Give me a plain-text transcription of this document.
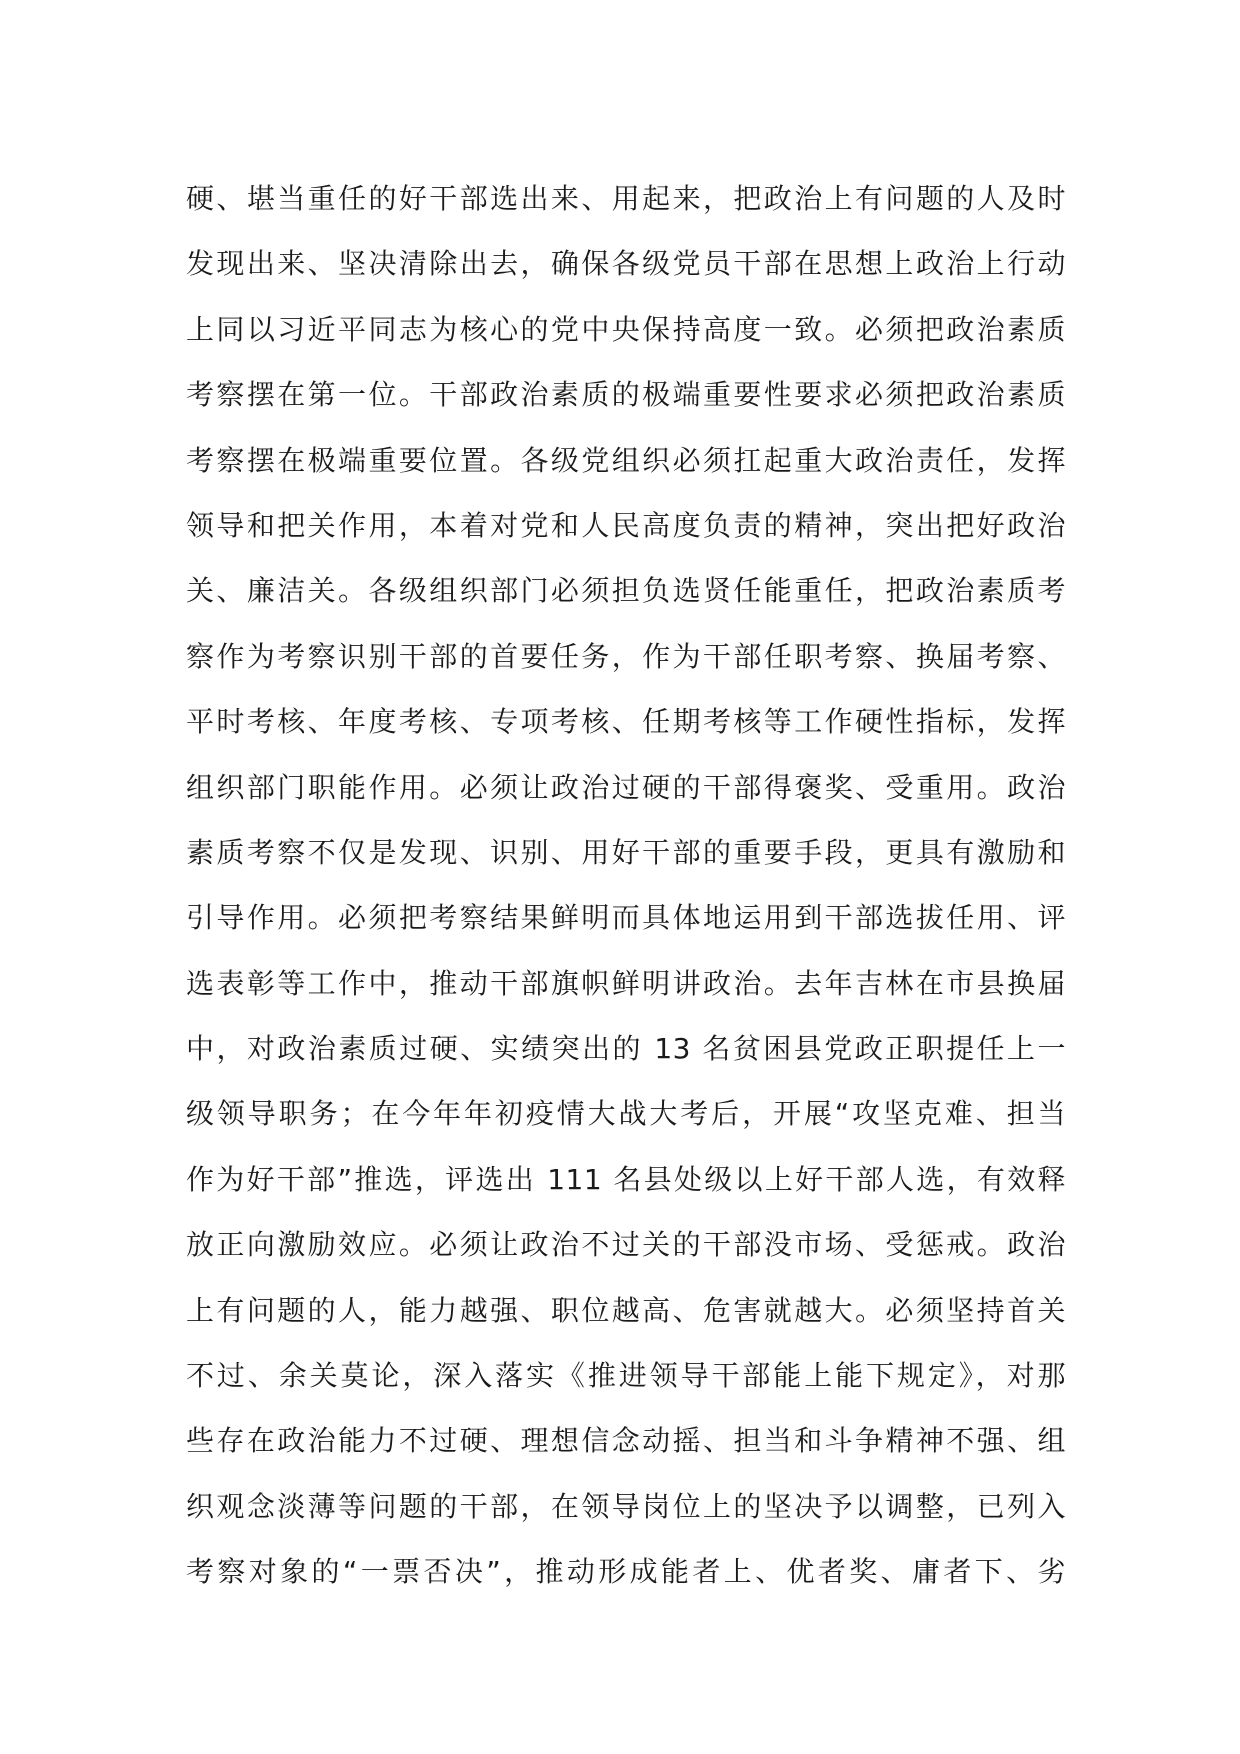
硬、堪当重任的好干部选出来、用起来，把政治上有问题的人及时
发现出来、坚决清除出去，确保各级党员干部在思想上政治上行动
上同以习近平同志为核心的党中央保持高度一致。必须把政治素质
考察摆在第一位。干部政治素质的极端重要性要求必须把政治素质
考察摆在极端重要位置。各级党组织必须扛起重大政治责任，发挥
领导和把关作用，本着对党和人民高度负责的精神，突出把好政治
关、廉洁关。各级组织部门必须担负选贤任能重任，把政治素质考
察作为考察识别干部的首要任务，作为干部任职考察、换届考察、
平时考核、年度考核、专项考核、任期考核等工作硬性指标，发挥
组织部门职能作用。必须让政治过硬的干部得褒奖、受重用。政治
素质考察不仅是发现、识别、用好干部的重要手段，更具有激励和
引导作用。必须把考察结果鲜明而具体地运用到干部选拔任用、评
选表彰等工作中，推动干部旗帜鲜明讲政治。去年吉林在市县换届
中，对政治素质过硬、实绩突出的 13 名贫困县党政正职提任上一
级领导职务；在今年年初疫情大战大考后，开展“攻坚克难、担当
作为好干部”推选，评选出 111 名县处级以上好干部人选，有效释
放正向激励效应。必须让政治不过关的干部没市场、受惩戒。政治
上有问题的人，能力越强、职位越高、危害就越大。必须坚持首关
不过、余关莫论，深入落实《推进领导干部能上能下规定》，对那
些存在政治能力不过硬、理想信念动摇、担当和斗争精神不强、组
织观念淡薄等问题的干部，在领导岗位上的坚决予以调整，已列入
考察对象的“一票否决”，推动形成能者上、优者奖、庸者下、劣
